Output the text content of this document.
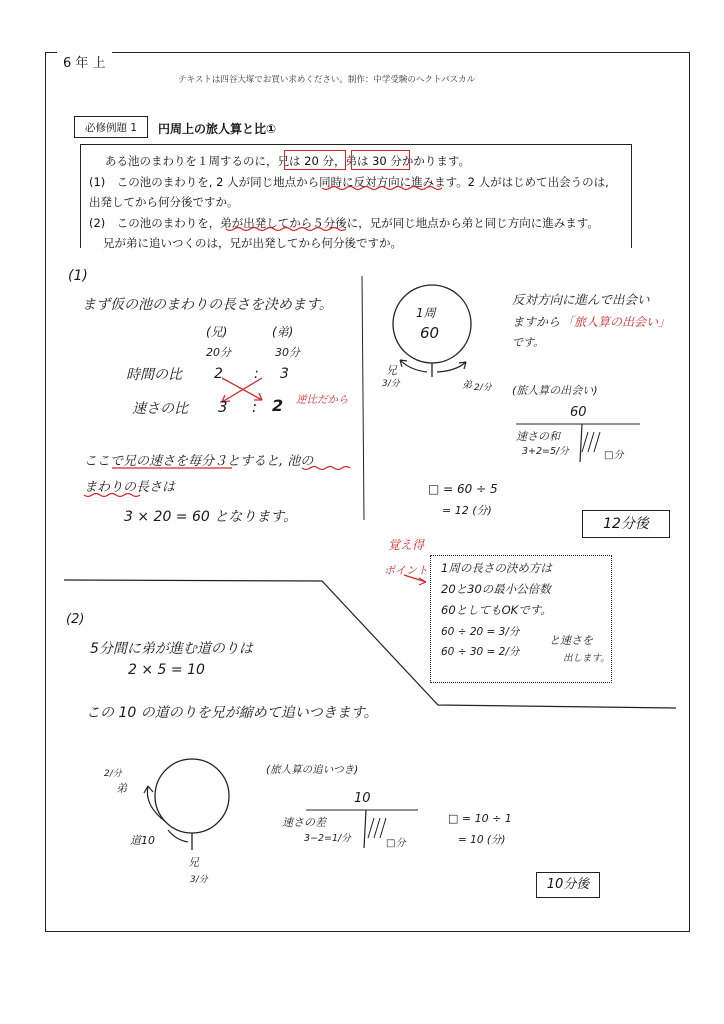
6 年 上
テキストは四谷大塚でお買い求めください。制作：中学受験のヘクトパスカル
必修例題 1	円周上の旅人算と比①
ある池のまわりを１周するのに，兄は 20 分，弟は 30 分かかります。
(1)　この池のまわりを, 2 人が同じ地点から同時に反対方向に進みます。2 人がはじめて出会うのは,
出発してから何分後ですか。
(2)　この池のまわりを，弟が出発してから５分後に，兄が同じ地点から弟と同じ方向に進みます。
兄が弟に追いつくのは，兄が出発してから何分後ですか。
(1)
まず仮の池のまわりの長さを決めます。
(兄)	(弟)
20分	30分
時間の比 2 : 3
速さの比 3 : 2 逆比だから
ここで兄の速さを毎分３とすると, 池の
まわりの長さは
3 × 20 = 60 となります。
1周
60
兄
3/分	弟 2/分
反対方向に進んで出会い
ますから 「旅人算の出会い」
です。
(旅人算の出会い)
60
速さの和
3+2=5/分	□分
□ = 60 ÷ 5
= 12 (分)
12分後
覚え得
ポイント 1周の長さの決め方は
20と30の最小公倍数
60としてもOKです。
60 ÷ 20 = 3/分
60 ÷ 30 = 2/分
と速さを
出します。
(2)
5分間に弟が進む道のりは
2 × 5 = 10
この 10 の道のりを兄が縮めて追いつきます。
2/分
弟
道10
兄
3/分
(旅人算の追いつき)
10
速さの差
3−2=1/分	□分
□ = 10 ÷ 1
= 10 (分)
10分後
